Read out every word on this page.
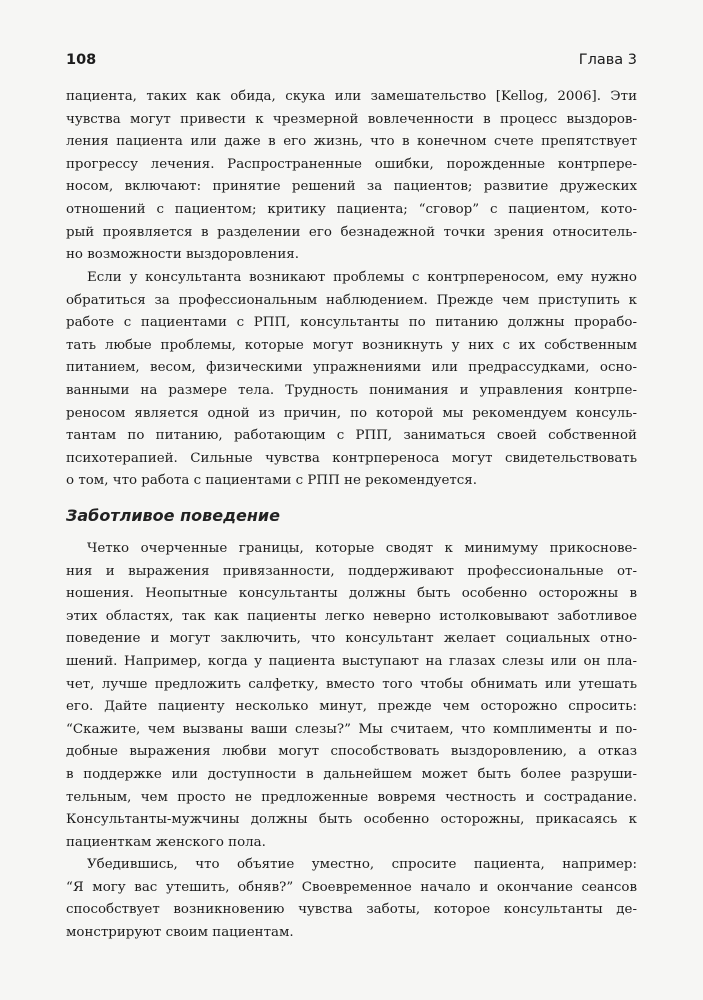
108	Глава 3
пациента, таких как обида, скука или замешательство [Kellog, 2006]. Эти
чувства могут привести к чрезмерной вовлеченности в процесс выздоров-
ления пациента или даже в его жизнь, что в конечном счете препятствует
прогрессу лечения. Распространенные ошибки, порожденные контрпере-
носом, включают: принятие решений за пациентов; развитие дружеских
отношений с пациентом; критику пациента; “сговор” с пациентом, кото-
рый проявляется в разделении его безнадежной точки зрения относитель-
но возможности выздоровления.
Если у консультанта возникают проблемы с контрпереносом, ему нужно
обратиться за профессиональным наблюдением. Прежде чем приступить к
работе с пациентами с РПП, консультанты по питанию должны прорабо-
тать любые проблемы, которые могут возникнуть у них с их собственным
питанием, весом, физическими упражнениями или предрассудками, осно-
ванными на размере тела. Трудность понимания и управления контрпе-
реносом является одной из причин, по которой мы рекомендуем консуль-
тантам по питанию, работающим с РПП, заниматься своей собственной
психотерапией. Сильные чувства контрпереноса могут свидетельствовать
о том, что работа с пациентами с РПП не рекомендуется.
Заботливое поведение
Четко очерченные границы, которые сводят к минимуму прикоснове-
ния и выражения привязанности, поддерживают профессиональные от-
ношения. Неопытные консультанты должны быть особенно осторожны в
этих областях, так как пациенты легко неверно истолковывают заботливое
поведение и могут заключить, что консультант желает социальных отно-
шений. Например, когда у пациента выступают на глазах слезы или он пла-
чет, лучше предложить салфетку, вместо того чтобы обнимать или утешать
его. Дайте пациенту несколько минут, прежде чем осторожно спросить:
“Скажите, чем вызваны ваши слезы?” Мы считаем, что комплименты и по-
добные выражения любви могут способствовать выздоровлению, а отказ
в поддержке или доступности в дальнейшем может быть более разруши-
тельным, чем просто не предложенные вовремя честность и сострадание.
Консультанты-мужчины должны быть особенно осторожны, прикасаясь к
пациенткам женского пола.
Убедившись, что объятие уместно, спросите пациента, например:
“Я могу вас утешить, обняв?” Своевременное начало и окончание сеансов
способствует возникновению чувства заботы, которое консультанты де-
монстрируют своим пациентам.
